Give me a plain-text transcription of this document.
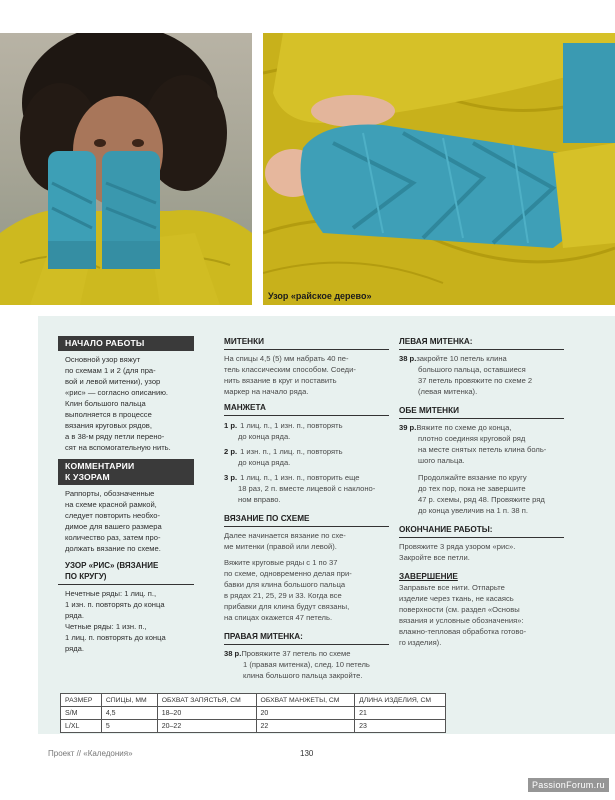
Узор «райское дерево»
НАЧАЛО РАБОТЫ

Основной узор вяжут

по схемам 1 и 2 (для пра-

вой и левой митенки), узор

«рис» — согласно описанию.

Клин большого пальца

выполняется в процессе

вязания круговых рядов,

а в 38-м ряду петли перено-

сят на вспомогательную нить.

КОММЕНТАРИИ
К УЗОРАМ

Раппорты, обозначенные

на схеме красной рамкой,

следует повторить необхо-

димое для вашего размера

количество раз, затем про-

должать вязание по схеме.

УЗОР «РИС» (ВЯЗАНИЕ
ПО КРУГУ)

Нечетные ряды: 1 лиц. п.,

1 изн. п. повторять до конца

ряда.

Четные ряды: 1 изн. п.,

1 лиц. п. повторять до конца

ряда.

МИТЕНКИ

На спицы 4,5 (5) мм набрать 40 пе-

тель классическим способом. Соеди-

нить вязание в круг и поставить

маркер на начало ряда.

МАНЖЕТА
1 р. 1 лиц. п., 1 изн. п., повторять
до конца ряда.
2 р. 1 изн. п., 1 лиц. п., повторять
до конца ряда.
3 р. 1 лиц. п., 1 изн. п., повторить еще
18 раз, 2 п. вместе лицевой с наклоно-
ном вправо.
ВЯЗАНИЕ ПО СХЕМЕ

Далее начинается вязание по схе-

ме митенки (правой или левой).

Вяжите круговые ряды с 1 по 37

по схеме, одновременно делая при-

бавки для клина большого пальца

в рядах 21, 25, 29 и 33. Когда все

прибавки для клина будут связаны,

на спицах окажется 47 петель.

ПРАВАЯ МИТЕНКА:
38 р.Провяжите 37 петель по схеме
1 (правая митенка), след. 10 петель
клина большого пальца закройте.
ЛЕВАЯ МИТЕНКА:
38 р.закройте 10 петель клина
большого пальца, оставшиеся
37 петель провяжите по схеме 2
(левая митенка).
ОБЕ МИТЕНКИ
39 р.Вяжите по схеме до конца,
плотно соединяя круговой ряд
на месте снятых петель клина боль-
шого пальца.

Продолжайте вязание по кругу

до тех пор, пока не завершите

47 р. схемы, ряд 48. Провяжите ряд

до конца увеличив на 1 п. 38 п.

ОКОНЧАНИЕ РАБОТЫ:

Провяжите 3 ряда узором «рис».

Закройте все петли.

ЗАВЕРШЕНИЕ

Заправьте все нити. Отпарьте

изделие через ткань, не касаясь

поверхности (см. раздел «Основы

вязания и условные обозначения»:

влажно-тепловая обработка готово-

го изделия).

РАЗМЕР	СПИЦЫ, ММ	ОБХВАТ ЗАПЯСТЬЯ, СМ	ОБХВАТ МАНЖЕТЫ, СМ	ДЛИНА ИЗДЕЛИЯ, СМ
S/M	4,5	18–20	20	21
L/XL	5	20–22	22	23
Проект // «Каледония»	130
PassionForum.ru
